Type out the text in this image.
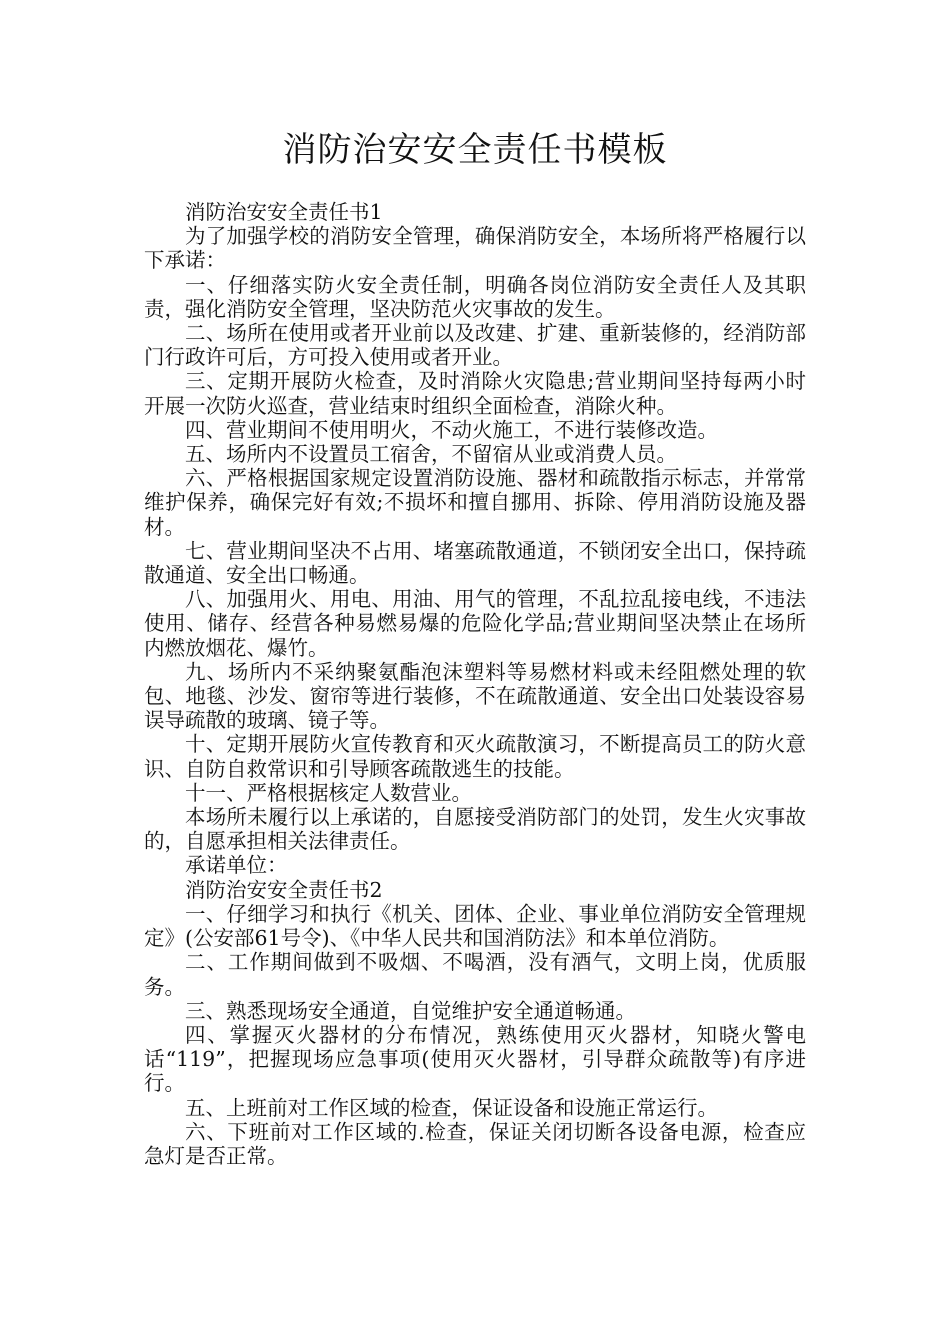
消防治安安全责任书模板

消防治安安全责任书1

为了加强学校的消防安全管理，确保消防安全，本场所将严格履行以下承诺：

一、仔细落实防火安全责任制，明确各岗位消防安全责任人及其职责，强化消防安全管理，坚决防范火灾事故的发生。

二、场所在使用或者开业前以及改建、扩建、重新装修的，经消防部门行政许可后，方可投入使用或者开业。

三、定期开展防火检查，及时消除火灾隐患;营业期间坚持每两小时开展一次防火巡查，营业结束时组织全面检查，消除火种。

四、营业期间不使用明火，不动火施工，不进行装修改造。

五、场所内不设置员工宿舍，不留宿从业或消费人员。

六、严格根据国家规定设置消防设施、器材和疏散指示标志，并常常维护保养，确保完好有效;不损坏和擅自挪用、拆除、停用消防设施及器材。

七、营业期间坚决不占用、堵塞疏散通道，不锁闭安全出口，保持疏散通道、安全出口畅通。

八、加强用火、用电、用油、用气的管理，不乱拉乱接电线，不违法使用、储存、经营各种易燃易爆的危险化学品;营业期间坚决禁止在场所内燃放烟花、爆竹。

九、场所内不采纳聚氨酯泡沫塑料等易燃材料或未经阻燃处理的软包、地毯、沙发、窗帘等进行装修，不在疏散通道、安全出口处装设容易误导疏散的玻璃、镜子等。

十、定期开展防火宣传教育和灭火疏散演习，不断提高员工的防火意识、自防自救常识和引导顾客疏散逃生的技能。

十一、严格根据核定人数营业。

本场所未履行以上承诺的，自愿接受消防部门的处罚，发生火灾事故的，自愿承担相关法律责任。

承诺单位：

消防治安安全责任书2

一、仔细学习和执行《机关、团体、企业、事业单位消防安全管理规定》(公安部61号令)、《中华人民共和国消防法》和本单位消防。

二、工作期间做到不吸烟、不喝酒，没有酒气，文明上岗，优质服务。

三、熟悉现场安全通道，自觉维护安全通道畅通。

四、掌握灭火器材的分布情况，熟练使用灭火器材，知晓火警电话“119”，把握现场应急事项(使用灭火器材，引导群众疏散等)有序进行。

五、上班前对工作区域的检查，保证设备和设施正常运行。

六、下班前对工作区域的.检查，保证关闭切断各设备电源，检查应急灯是否正常。
